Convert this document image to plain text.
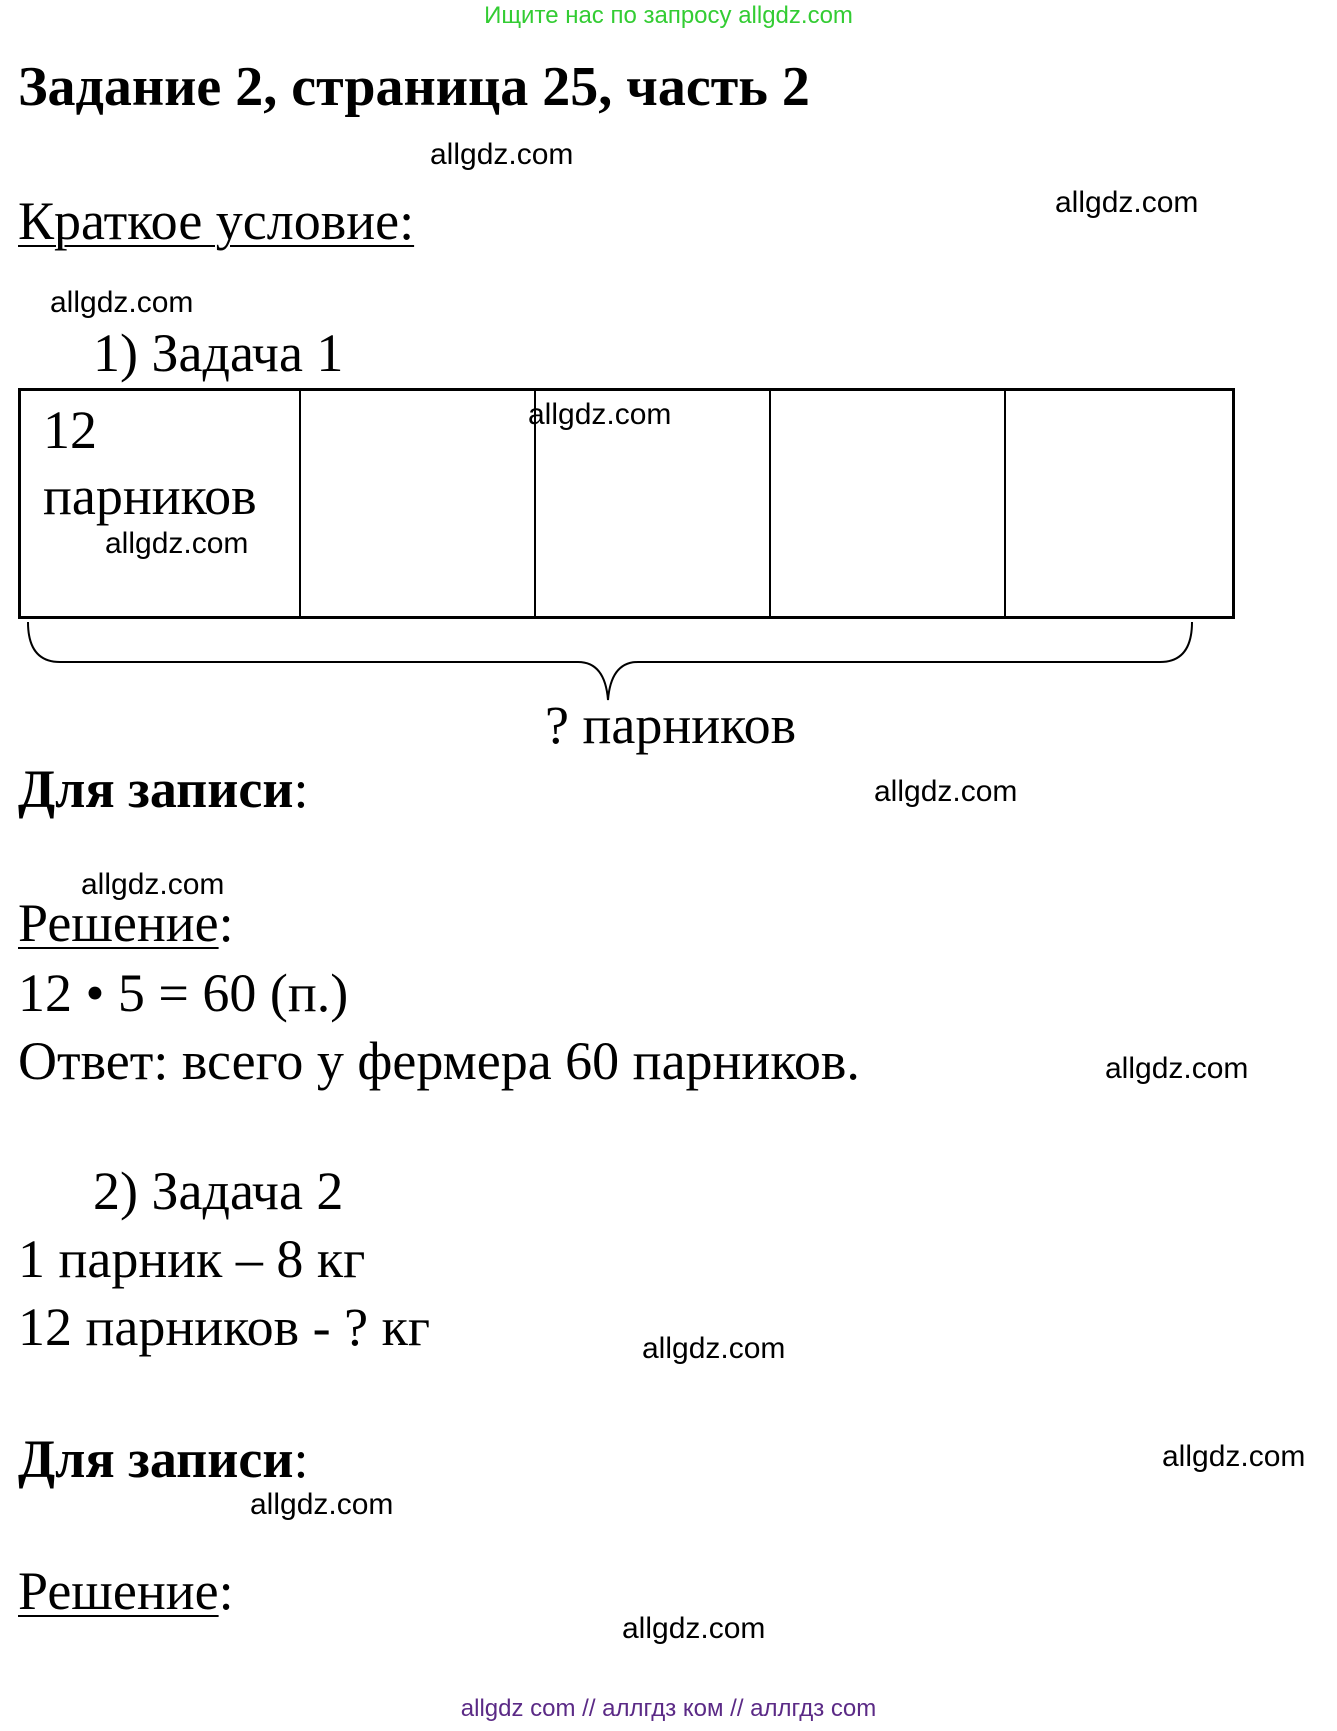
Ищите нас по запросу allgdz.com
Задание 2, страница 25, часть 2
Краткое условие:
1) Задача 1
12
парников
? парников
Для записи:
Решение:
12 • 5 = 60 (п.)
Ответ: всего у фермера 60 парников.
2) Задача 2
1 парник – 8 кг
12 парников - ? кг
Для записи:
Решение:
allgdz.com
allgdz.com
allgdz.com
allgdz.com
allgdz.com
allgdz.com
allgdz.com
allgdz.com
allgdz.com
allgdz.com
allgdz.com
allgdz.com
allgdz com // аллгдз ком // аллгдз com
